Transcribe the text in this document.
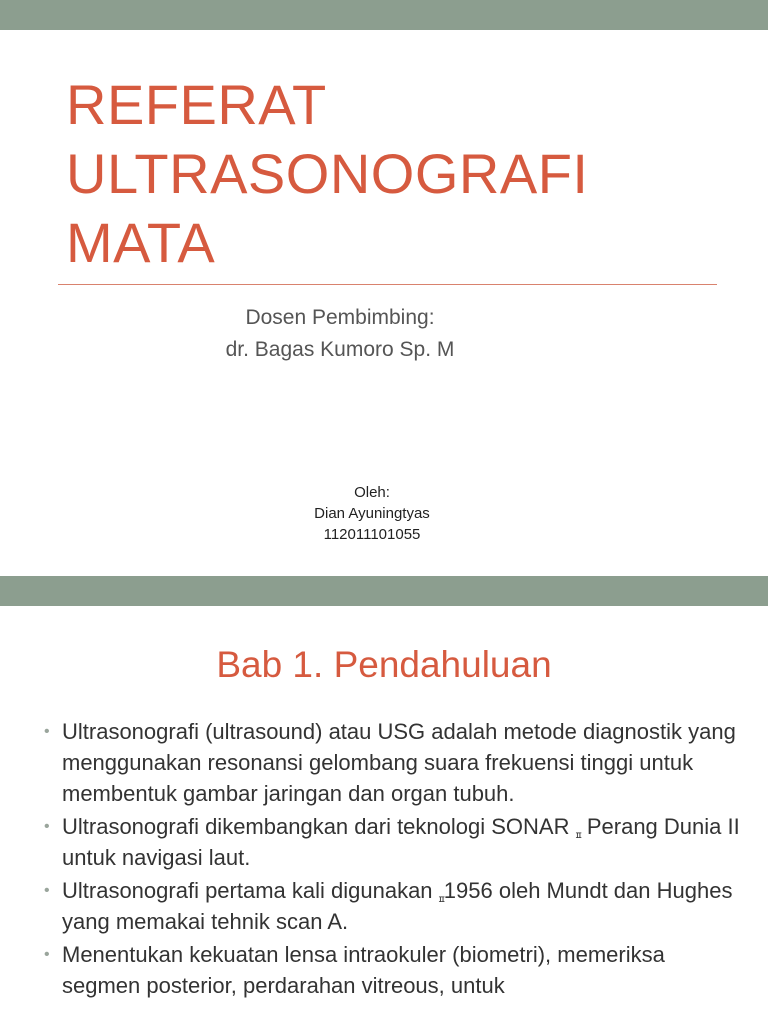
REFERAT
ULTRASONOGRAFI
MATA
Dosen Pembimbing:
dr. Bagas Kumoro Sp. M
Oleh:
Dian Ayuningtyas
112011101055
Bab 1. Pendahuluan
• Ultrasonografi (ultrasound) atau USG adalah metode diagnostik yang menggunakan resonansi gelombang suara frekuensi tinggi untuk membentuk gambar jaringan dan organ tubuh.
• Ultrasonografi dikembangkan dari teknologi SONAR ɪɪ Perang Dunia II untuk navigasi laut.
• Ultrasonografi pertama kali digunakan ɪɪ1956 oleh Mundt dan Hughes yang memakai tehnik scan A.
• Menentukan kekuatan lensa intraokuler (biometri), memeriksa segmen posterior, perdarahan vitreous, untuk
